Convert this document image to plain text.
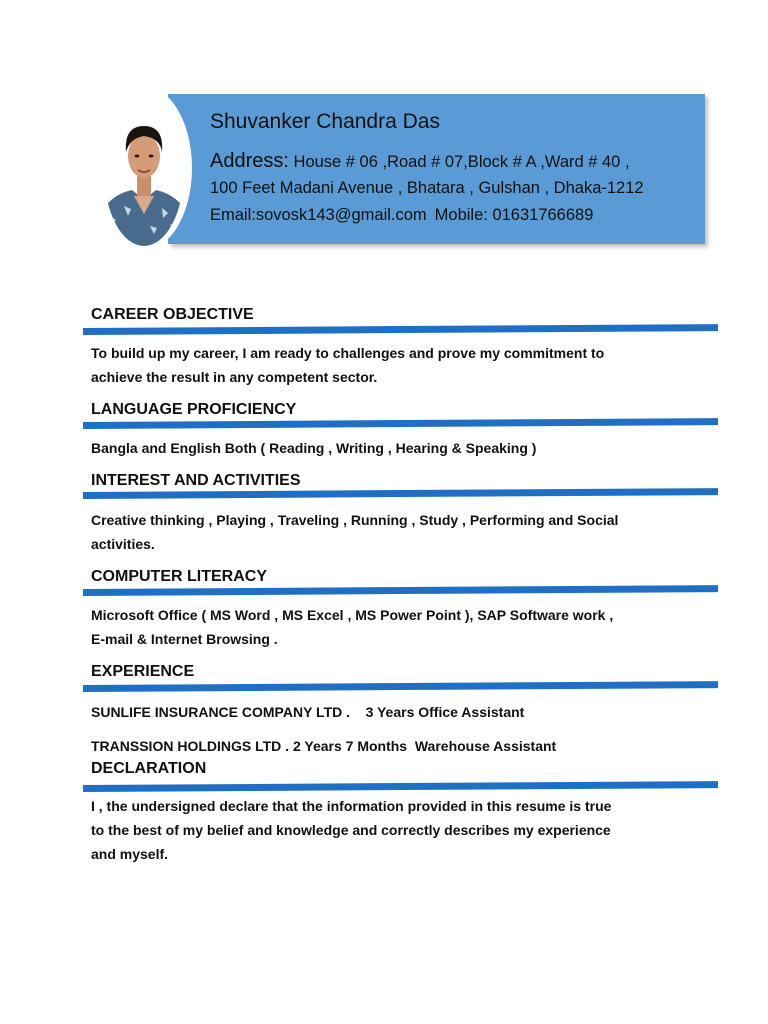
Shuvanker Chandra Das
Address: House # 06 ,Road # 07,Block # A ,Ward # 40 ,
100 Feet Madani Avenue , Bhatara , Gulshan , Dhaka-1212
Email:sovosk143@gmail.com Mobile: 01631766689
CAREER OBJECTIVE
To build up my career, I am ready to challenges and prove my commitment to
achieve the result in any competent sector.
LANGUAGE PROFICIENCY
Bangla and English Both ( Reading , Writing , Hearing & Speaking )
INTEREST AND ACTIVITIES
Creative thinking , Playing , Traveling , Running , Study , Performing and Social
activities.
COMPUTER LITERACY
Microsoft Office ( MS Word , MS Excel , MS Power Point ), SAP Software work ,
E-mail & Internet Browsing .
EXPERIENCE
SUNLIFE INSURANCE COMPANY LTD .    3 Years Office Assistant
TRANSSION HOLDINGS LTD . 2 Years 7 Months  Warehouse Assistant
DECLARATION
I , the undersigned declare that the information provided in this resume is true
to the best of my belief and knowledge and correctly describes my experience
and myself.
